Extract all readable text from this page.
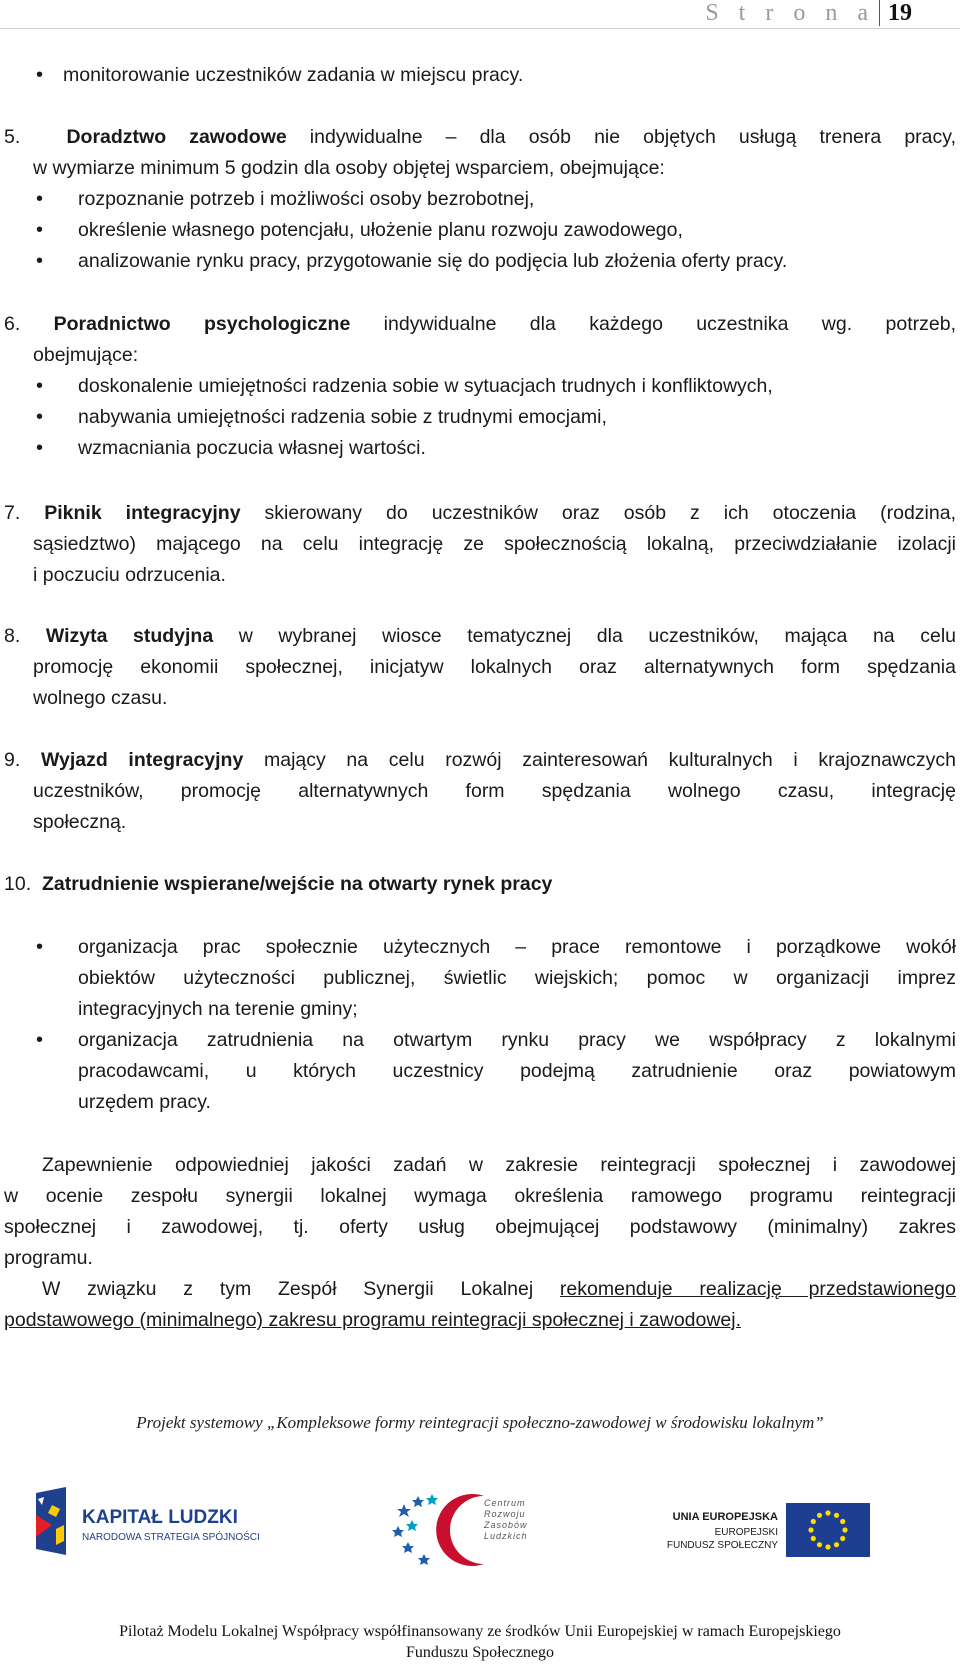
S t r o n a 19
• monitorowanie uczestników zadania w miejscu pracy.
5. Doradztwo zawodowe indywidualne – dla osób nie objętych usługą trenera pracy,
w wymiarze minimum 5 godzin dla osoby objętej wsparciem, obejmujące:
• rozpoznanie potrzeb i możliwości osoby bezrobotnej,
• określenie własnego potencjału, ułożenie planu rozwoju zawodowego,
• analizowanie rynku pracy, przygotowanie się do podjęcia lub złożenia oferty pracy.
6. Poradnictwo psychologiczne indywidualne dla każdego uczestnika wg. potrzeb,
obejmujące:
• doskonalenie umiejętności radzenia sobie w sytuacjach trudnych i konfliktowych,
• nabywania umiejętności radzenia sobie z trudnymi emocjami,
• wzmacniania poczucia własnej wartości.
7. Piknik integracyjny skierowany do uczestników oraz osób z ich otoczenia (rodzina,
sąsiedztwo) mającego na celu integrację ze społecznością lokalną, przeciwdziałanie izolacji
i poczuciu odrzucenia.
8. Wizyta studyjna w wybranej wiosce tematycznej dla uczestników, mająca na celu
promocję ekonomii społecznej, inicjatyw lokalnych oraz alternatywnych form spędzania
wolnego czasu.
9. Wyjazd integracyjny mający na celu rozwój zainteresowań kulturalnych i krajoznawczych
uczestników, promocję alternatywnych form spędzania wolnego czasu, integrację
społeczną.
10. Zatrudnienie wspierane/wejście na otwarty rynek pracy
• organizacja prac społecznie użytecznych – prace remontowe i porządkowe wokół
obiektów użyteczności publicznej, świetlic wiejskich; pomoc w organizacji imprez
integracyjnych na terenie gminy;
• organizacja zatrudnienia na otwartym rynku pracy we współpracy z lokalnymi
pracodawcami, u których uczestnicy podejmą zatrudnienie oraz powiatowym
urzędem pracy.
Zapewnienie odpowiedniej jakości zadań w zakresie reintegracji społecznej i zawodowej
w ocenie zespołu synergii lokalnej wymaga określenia ramowego programu reintegracji
społecznej i zawodowej, tj. oferty usług obejmującej podstawowy (minimalny) zakres
programu.
W związku z tym Zespół Synergii Lokalnej rekomenduje realizację przedstawionego
podstawowego (minimalnego) zakresu programu reintegracji społecznej i zawodowej.
Projekt systemowy „Kompleksowe formy reintegracji społeczno-zawodowej w środowisku lokalnym”
KAPITAŁ LUDZKI
NARODOWA STRATEGIA SPÓJNOŚCI
Centrum
Rozwoju
Zasobów
Ludzkich
UNIA EUROPEJSKA
EUROPEJSKI
FUNDUSZ SPOŁECZNY
Pilotaż Modelu Lokalnej Współpracy współfinansowany ze środków Unii Europejskiej w ramach Europejskiego
Funduszu Społecznego
